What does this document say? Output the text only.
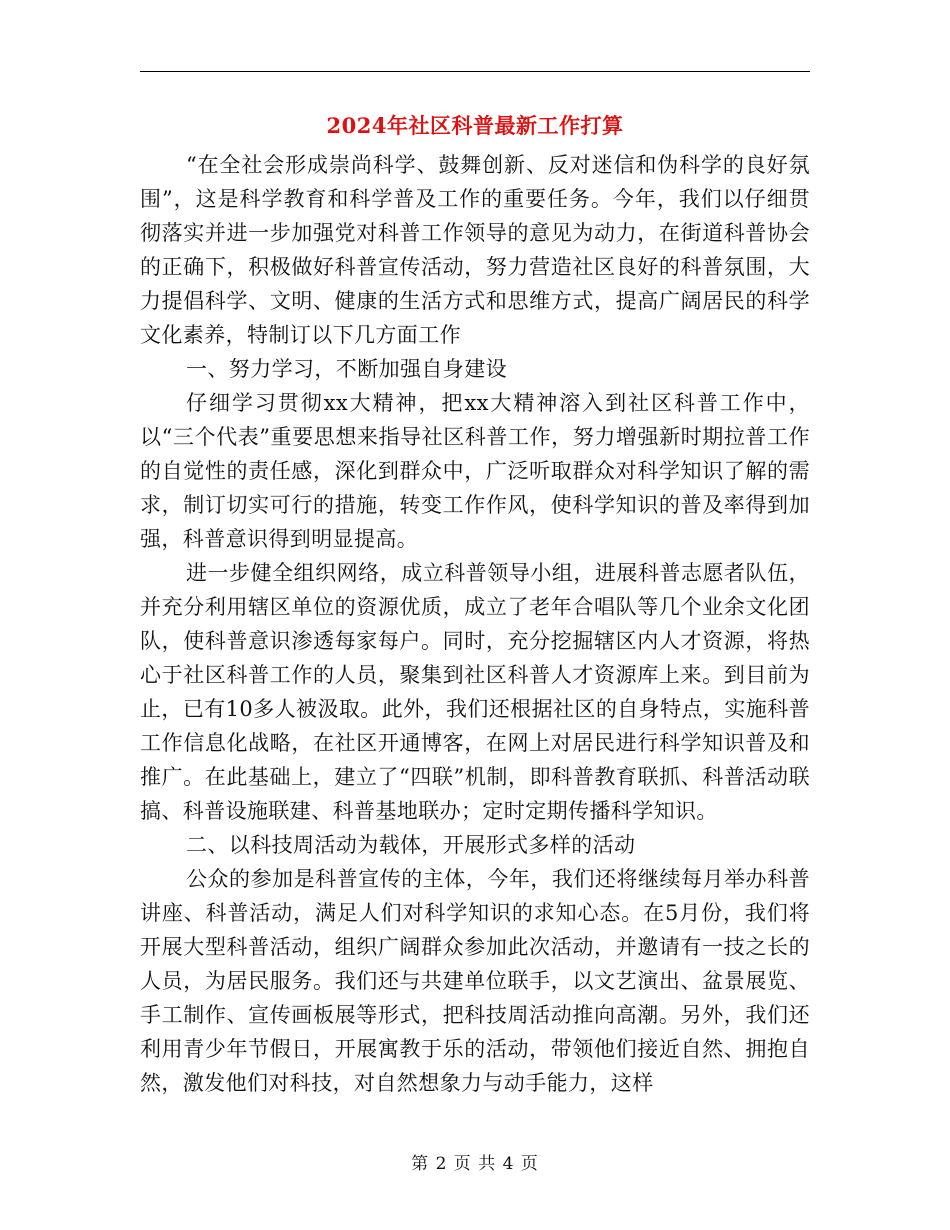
2024年社区科普最新工作打算

“在全社会形成崇尚科学、鼓舞创新、反对迷信和伪科学的良好氛围”，这是科学教育和科学普及工作的重要任务。今年，我们以仔细贯彻落实并进一步加强党对科普工作领导的意见为动力，在街道科普协会的正确下，积极做好科普宣传活动，努力营造社区良好的科普氛围，大力提倡科学、文明、健康的生活方式和思维方式，提高广阔居民的科学文化素养，特制订以下几方面工作

一、努力学习，不断加强自身建设

仔细学习贯彻xx大精神，把xx大精神溶入到社区科普工作中，以“三个代表”重要思想来指导社区科普工作，努力增强新时期拉普工作的自觉性的责任感，深化到群众中，广泛听取群众对科学知识了解的需求，制订切实可行的措施，转变工作作风，使科学知识的普及率得到加强，科普意识得到明显提高。

进一步健全组织网络，成立科普领导小组，进展科普志愿者队伍，并充分利用辖区单位的资源优质，成立了老年合唱队等几个业余文化团队，使科普意识渗透每家每户。同时，充分挖掘辖区内人才资源，将热心于社区科普工作的人员，聚集到社区科普人才资源库上来。到目前为止，已有10多人被汲取。此外，我们还根据社区的自身特点，实施科普工作信息化战略，在社区开通博客，在网上对居民进行科学知识普及和推广。在此基础上，建立了“四联”机制，即科普教育联抓、科普活动联搞、科普设施联建、科普基地联办；定时定期传播科学知识。

二、以科技周活动为载体，开展形式多样的活动

公众的参加是科普宣传的主体，今年，我们还将继续每月举办科普讲座、科普活动，满足人们对科学知识的求知心态。在5月份，我们将开展大型科普活动，组织广阔群众参加此次活动，并邀请有一技之长的人员，为居民服务。我们还与共建单位联手，以文艺演出、盆景展览、手工制作、宣传画板展等形式，把科技周活动推向高潮。另外，我们还利用青少年节假日，开展寓教于乐的活动，带领他们接近自然、拥抱自然，激发他们对科技，对自然想象力与动手能力，这样

第 2 页 共 4 页
